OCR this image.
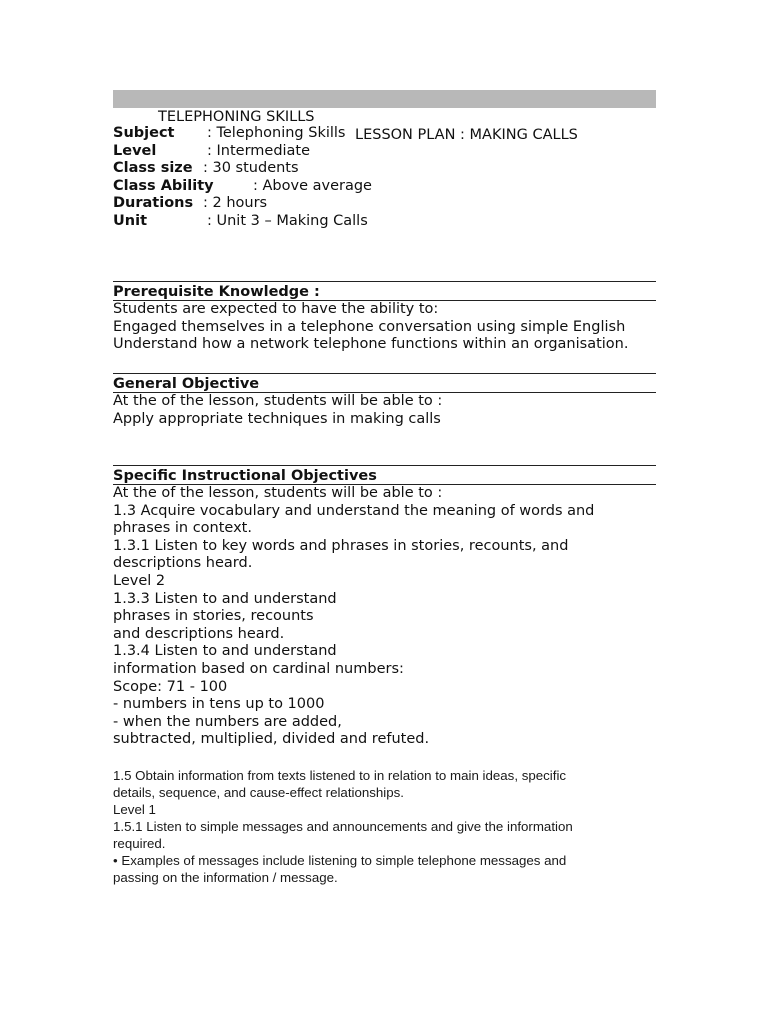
TELEPHONING SKILLS

LESSON PLAN : MAKING CALLS

Subject : Telephoning Skills
Level	: Intermediate
Class size : 30 students
Class Ability	: Above average
Durations : 2 hours
Unit	: Unit 3 – Making Calls
Prerequisite Knowledge :
Students are expected to have the ability to:
Engaged themselves in a telephone conversation using simple English
Understand how a network telephone functions within an organisation.
General Objective
At the of the lesson, students will be able to :
Apply appropriate techniques in making calls
Specific Instructional Objectives
At the of the lesson, students will be able to :
1.3 Acquire vocabulary and understand the meaning of words and
phrases in context.
1.3.1 Listen to key words and phrases in stories, recounts, and
descriptions heard.
Level 2
1.3.3 Listen to and understand
phrases in stories, recounts
and descriptions heard.
1.3.4 Listen to and understand
information based on cardinal numbers:
Scope: 71 - 100
- numbers in tens up to 1000
- when the numbers are added,
subtracted, multiplied, divided and refuted.
1.5 Obtain information from texts listened to in relation to main ideas, specific
details, sequence, and cause-effect relationships.
Level 1
1.5.1 Listen to simple messages and announcements and give the information
required.
• Examples of messages include listening to simple telephone messages and
passing on the information / message.
